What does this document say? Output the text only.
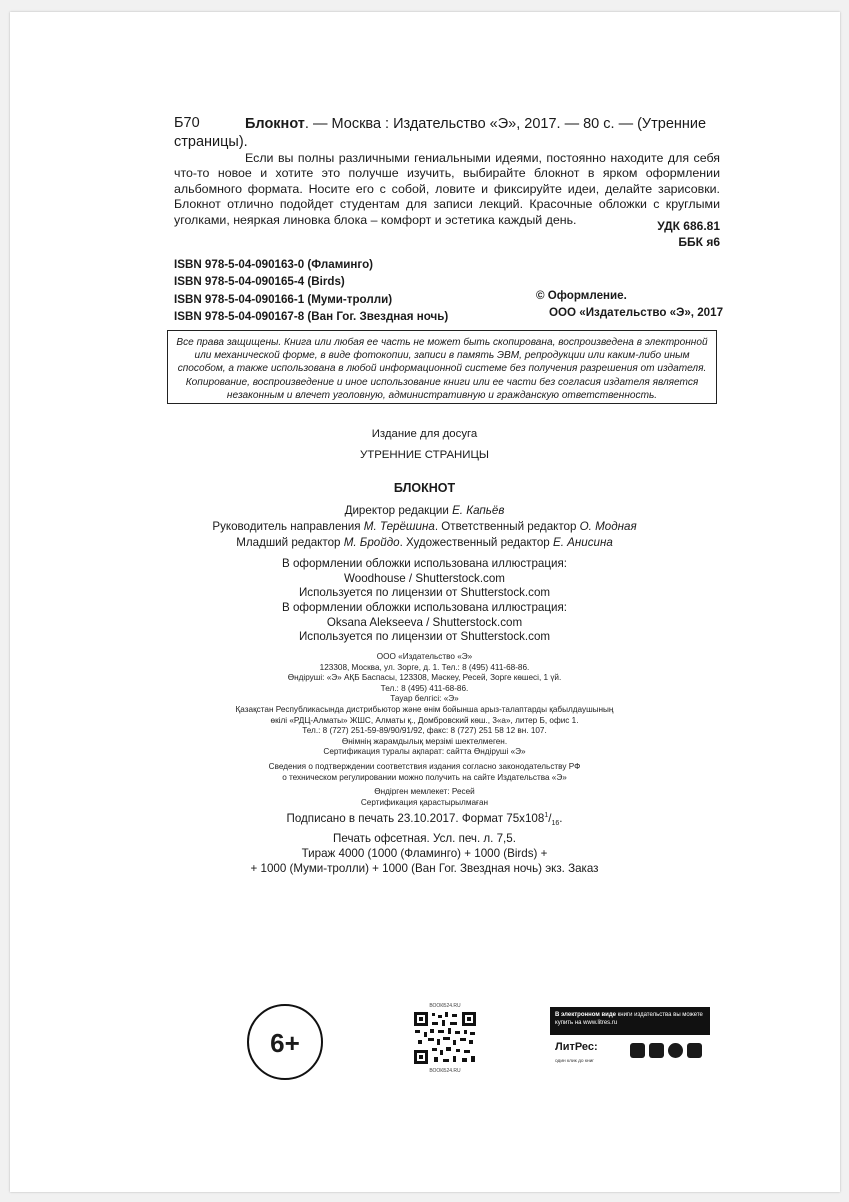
Б70	Блокнот. — Москва : Издательство «Э», 2017. — 80 с. — (Утренние
страницы).
Если вы полны различными гениальными идеями, постоянно находите для себя что-то новое и хотите это получше изучить, выбирайте блокнот в ярком оформлении альбомного формата. Носите его с собой, ловите и фиксируйте идеи, делайте зарисовки. Блокнот отлично подойдет студентам для записи лекций. Красочные обложки с круглыми уголками, неяркая линовка блока – комфорт и эстетика каждый день.	УДК 686.81
ББК я6
ISBN 978-5-04-090163-0 (Фламинго)
ISBN 978-5-04-090165-4 (Birds)
ISBN 978-5-04-090166-1 (Муми-тролли)
ISBN 978-5-04-090167-8 (Ван Гог. Звездная ночь)
© Оформление.
ООО «Издательство «Э», 2017
Все права защищены. Книга или любая ее часть не может быть скопирована, воспроизведена в электронной или механической форме, в виде фотокопии, записи в память ЭВМ, репродукции или каким-либо иным способом, а также использована в любой информационной системе без получения разрешения от издателя. Копирование, воспроизведение и иное использование книги или ее части без согласия издателя является незаконным и влечет уголовную, административную и гражданскую ответственность.
Издание для досуга
УТРЕННИЕ СТРАНИЦЫ
БЛОКНОТ
Директор редакции Е. Капьёв
Руководитель направления М. Терёшина. Ответственный редактор О. Модная
Младший редактор М. Бройдо. Художественный редактор Е. Анисина
В оформлении обложки использована иллюстрация:
Woodhouse / Shutterstock.com
Используется по лицензии от Shutterstock.com
В оформлении обложки использована иллюстрация:
Oksana Alekseeva / Shutterstock.com
Используется по лицензии от Shutterstock.com
ООО «Издательство «Э»
123308, Москва, ул. Зорге, д. 1. Тел.: 8 (495) 411-68-86.
Өндіруші: «Э» АҚБ Баспасы, 123308, Мәскеу, Ресей, Зорге көшесі, 1 үй.
Тел.: 8 (495) 411-68-86.
Тауар белгісі: «Э»
Қазақстан Республикасында дистрибьютор және өнім бойынша арыз-талаптарды қабылдаушының
өкілі «РДЦ-Алматы» ЖШС, Алматы қ., Домбровский көш., 3«а», литер Б, офис 1.
Тел.: 8 (727) 251-59-89/90/91/92, факс: 8 (727) 251 58 12 вн. 107.
Өнімнің жарамдылық мерзімі шектелмеген.
Сертификация туралы ақпарат: сайтта Өндіруші «Э»
Сведения о подтверждении соответствия издания согласно законодательству РФ
о техническом регулировании можно получить на сайте Издательства «Э»
Өндірген мемлекет: Ресей
Сертификация қарастырылмаған
Подписано в печать 23.10.2017. Формат $75х108^1/_{16}$.
Печать офсетная. Усл. печ. л. 7,5.
Тираж 4000 (1000 (Фламинго) + 1000 (Birds) +
+ 1000 (Муми-тролли) + 1000 (Ван Гог. Звездная ночь) экз. Заказ
6+
ВООКБ24.RU
ВООКБ24.RU
В электронном виде книги издательства вы можете
купить на www.litres.ru
ЛитРес:
один клик до книг
